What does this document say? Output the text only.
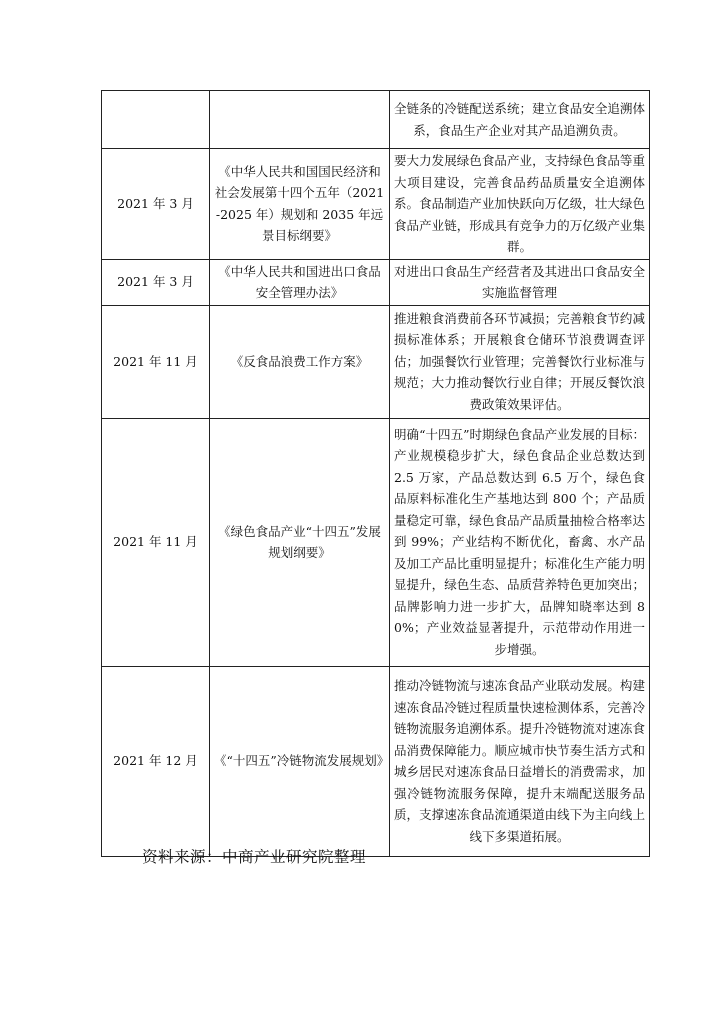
		全链条的冷链配送系统；建立食品安全追溯体系，食品生产企业对其产品追溯负责。
2021 年 3 月	《中华人民共和国国民经济和社会发展第十四个五年（2021-2025 年）规划和 2035 年远景目标纲要》	要大力发展绿色食品产业，支持绿色食品等重大项目建设，完善食品药品质量安全追溯体系。食品制造产业加快跃向万亿级，壮大绿色食品产业链，形成具有竞争力的万亿级产业集群。
2021 年 3 月	《中华人民共和国进出口食品安全管理办法》	对进出口食品生产经营者及其进出口食品安全实施监督管理
2021 年 11 月	《反食品浪费工作方案》	推进粮食消费前各环节减损；完善粮食节约减损标准体系；开展粮食仓储环节浪费调查评估；加强餐饮行业管理；完善餐饮行业标准与规范；大力推动餐饮行业自律；开展反餐饮浪费政策效果评估。
2021 年 11 月	《绿色食品产业“十四五”发展规划纲要》	明确“十四五”时期绿色食品产业发展的目标：产业规模稳步扩大，绿色食品企业总数达到 2.5 万家，产品总数达到 6.5 万个，绿色食品原料标准化生产基地达到 800 个；产品质量稳定可靠，绿色食品产品质量抽检合格率达到 99%；产业结构不断优化，畜禽、水产品及加工产品比重明显提升；标准化生产能力明显提升，绿色生态、品质营养特色更加突出；品牌影响力进一步扩大，品牌知晓率达到 80%；产业效益显著提升，示范带动作用进一步增强。
2021 年 12 月	《“十四五”冷链物流发展规划》	推动冷链物流与速冻食品产业联动发展。构建速冻食品冷链过程质量快速检测体系，完善冷链物流服务追溯体系。提升冷链物流对速冻食品消费保障能力。顺应城市快节奏生活方式和城乡居民对速冻食品日益增长的消费需求，加强冷链物流服务保障，提升末端配送服务品质，支撑速冻食品流通渠道由线下为主向线上线下多渠道拓展。

资料来源：中商产业研究院整理
